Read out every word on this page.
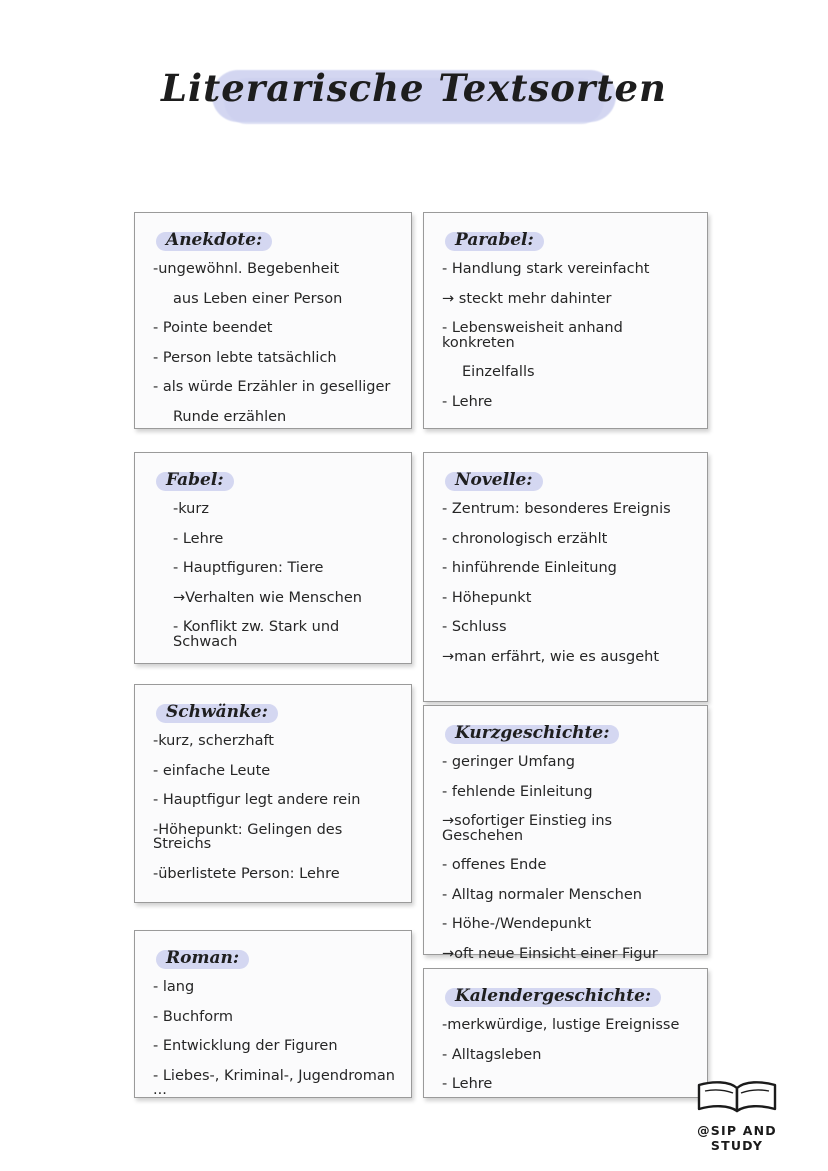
Literarische Textsorten
Anekdote:
-ungewöhnl. Begebenheit
aus Leben einer Person
- Pointe beendet
- Person lebte tatsächlich
- als würde Erzähler in geselliger
Runde erzählen
Parabel:
- Handlung stark vereinfacht
→ steckt mehr dahinter
- Lebensweisheit anhand konkreten
Einzelfalls
- Lehre
Fabel:
-kurz
- Lehre
- Hauptfiguren: Tiere
→Verhalten wie Menschen
- Konflikt zw. Stark und Schwach
Novelle:
- Zentrum: besonderes Ereignis
- chronologisch erzählt
- hinführende Einleitung
- Höhepunkt
- Schluss
→man erfährt, wie es ausgeht
Schwänke:
-kurz, scherzhaft
- einfache Leute
- Hauptfigur legt andere rein
-Höhepunkt: Gelingen des Streichs
-überlistete Person: Lehre
Kurzgeschichte:
- geringer Umfang
- fehlende Einleitung
→sofortiger Einstieg ins Geschehen
- offenes Ende
- Alltag normaler Menschen
- Höhe-/Wendepunkt
→oft neue Einsicht einer Figur
Roman:
- lang
- Buchform
- Entwicklung der Figuren
- Liebes-, Kriminal-, Jugendroman ...
Kalendergeschichte:
-merkwürdige, lustige Ereignisse
- Alltagsleben
- Lehre
@SIP AND STUDY
